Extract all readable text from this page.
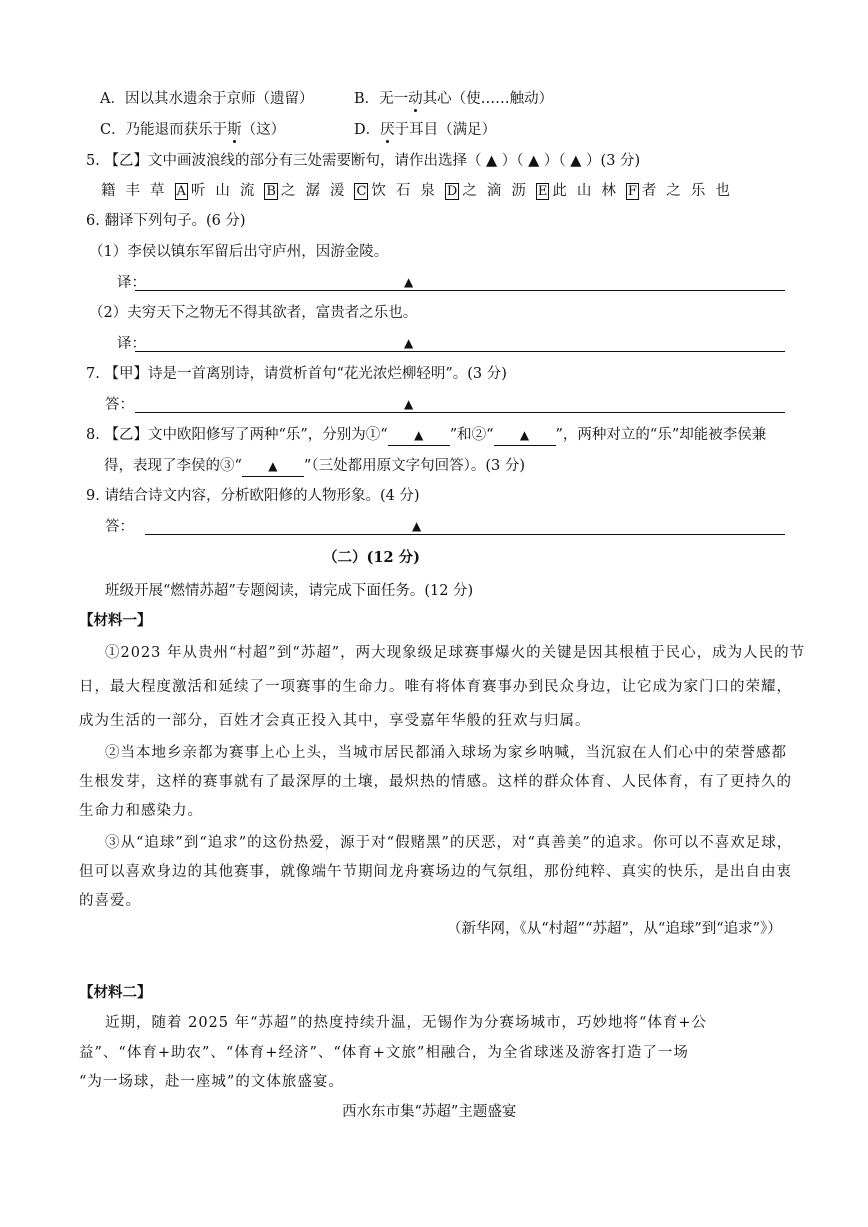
A．因以其水遗余于京师（遗留）	B．无一动其心（使……触动）
C．乃能退而获乐于斯（这）	D．厌于耳目（满足）
5. 【乙】文中画波浪线的部分有三处需要断句，请作出选择（ ▲ ）（ ▲ ）（ ▲ ）(3 分)
籍 丰 草 A 听 山 流 B 之 潺 湲 C 饮 石 泉 D 之 滴 沥 E 此 山 林 F 者 之 乐 也
6. 翻译下列句子。(6 分)
（1）李侯以镇东军留后出守庐州，因游金陵。
译：	▲
（2）夫穷天下之物无不得其欲者，富贵者之乐也。
译：	▲
7. 【甲】诗是一首离别诗，请赏析首句“花光浓烂柳轻明”。(3 分)
答：	▲
8. 【乙】文中欧阳修写了两种“乐”，分别为①“ ▲ ”和②“ ▲ ”，两种对立的“乐”却能被李侯兼
得，表现了李侯的③“ ▲ ”（三处都用原文字句回答）。(3 分)
9. 请结合诗文内容，分析欧阳修的人物形象。(4 分)
答：	▲
（二）(12 分)
班级开展“燃情苏超”专题阅读，请完成下面任务。(12 分)
【材料一】
①2023 年从贵州“村超”到“苏超”，两大现象级足球赛事爆火的关键是因其根植于民心，成为人民的节
日，最大程度激活和延续了一项赛事的生命力。唯有将体育赛事办到民众身边，让它成为家门口的荣耀，
成为生活的一部分，百姓才会真正投入其中，享受嘉年华般的狂欢与归属。
②当本地乡亲都为赛事上心上头，当城市居民都涌入球场为家乡呐喊，当沉寂在人们心中的荣誉感都
生根发芽，这样的赛事就有了最深厚的土壤，最炽热的情感。这样的群众体育、人民体育，有了更持久的
生命力和感染力。
③从“追球”到“追求”的这份热爱，源于对“假赌黑”的厌恶，对“真善美”的追求。你可以不喜欢足球，
但可以喜欢身边的其他赛事，就像端午节期间龙舟赛场边的气氛组，那份纯粹、真实的快乐，是出自由衷
的喜爱。
（新华网，《从“村超”“苏超”，从“追球”到“追求”》）
【材料二】
近期，随着 2025 年“苏超”的热度持续升温，无锡作为分赛场城市，巧妙地将“体育+公
益”、“体育+助农”、“体育+经济”、“体育+文旅”相融合，为全省球迷及游客打造了一场
“为一场球，赴一座城”的文体旅盛宴。
西水东市集“苏超”主题盛宴
